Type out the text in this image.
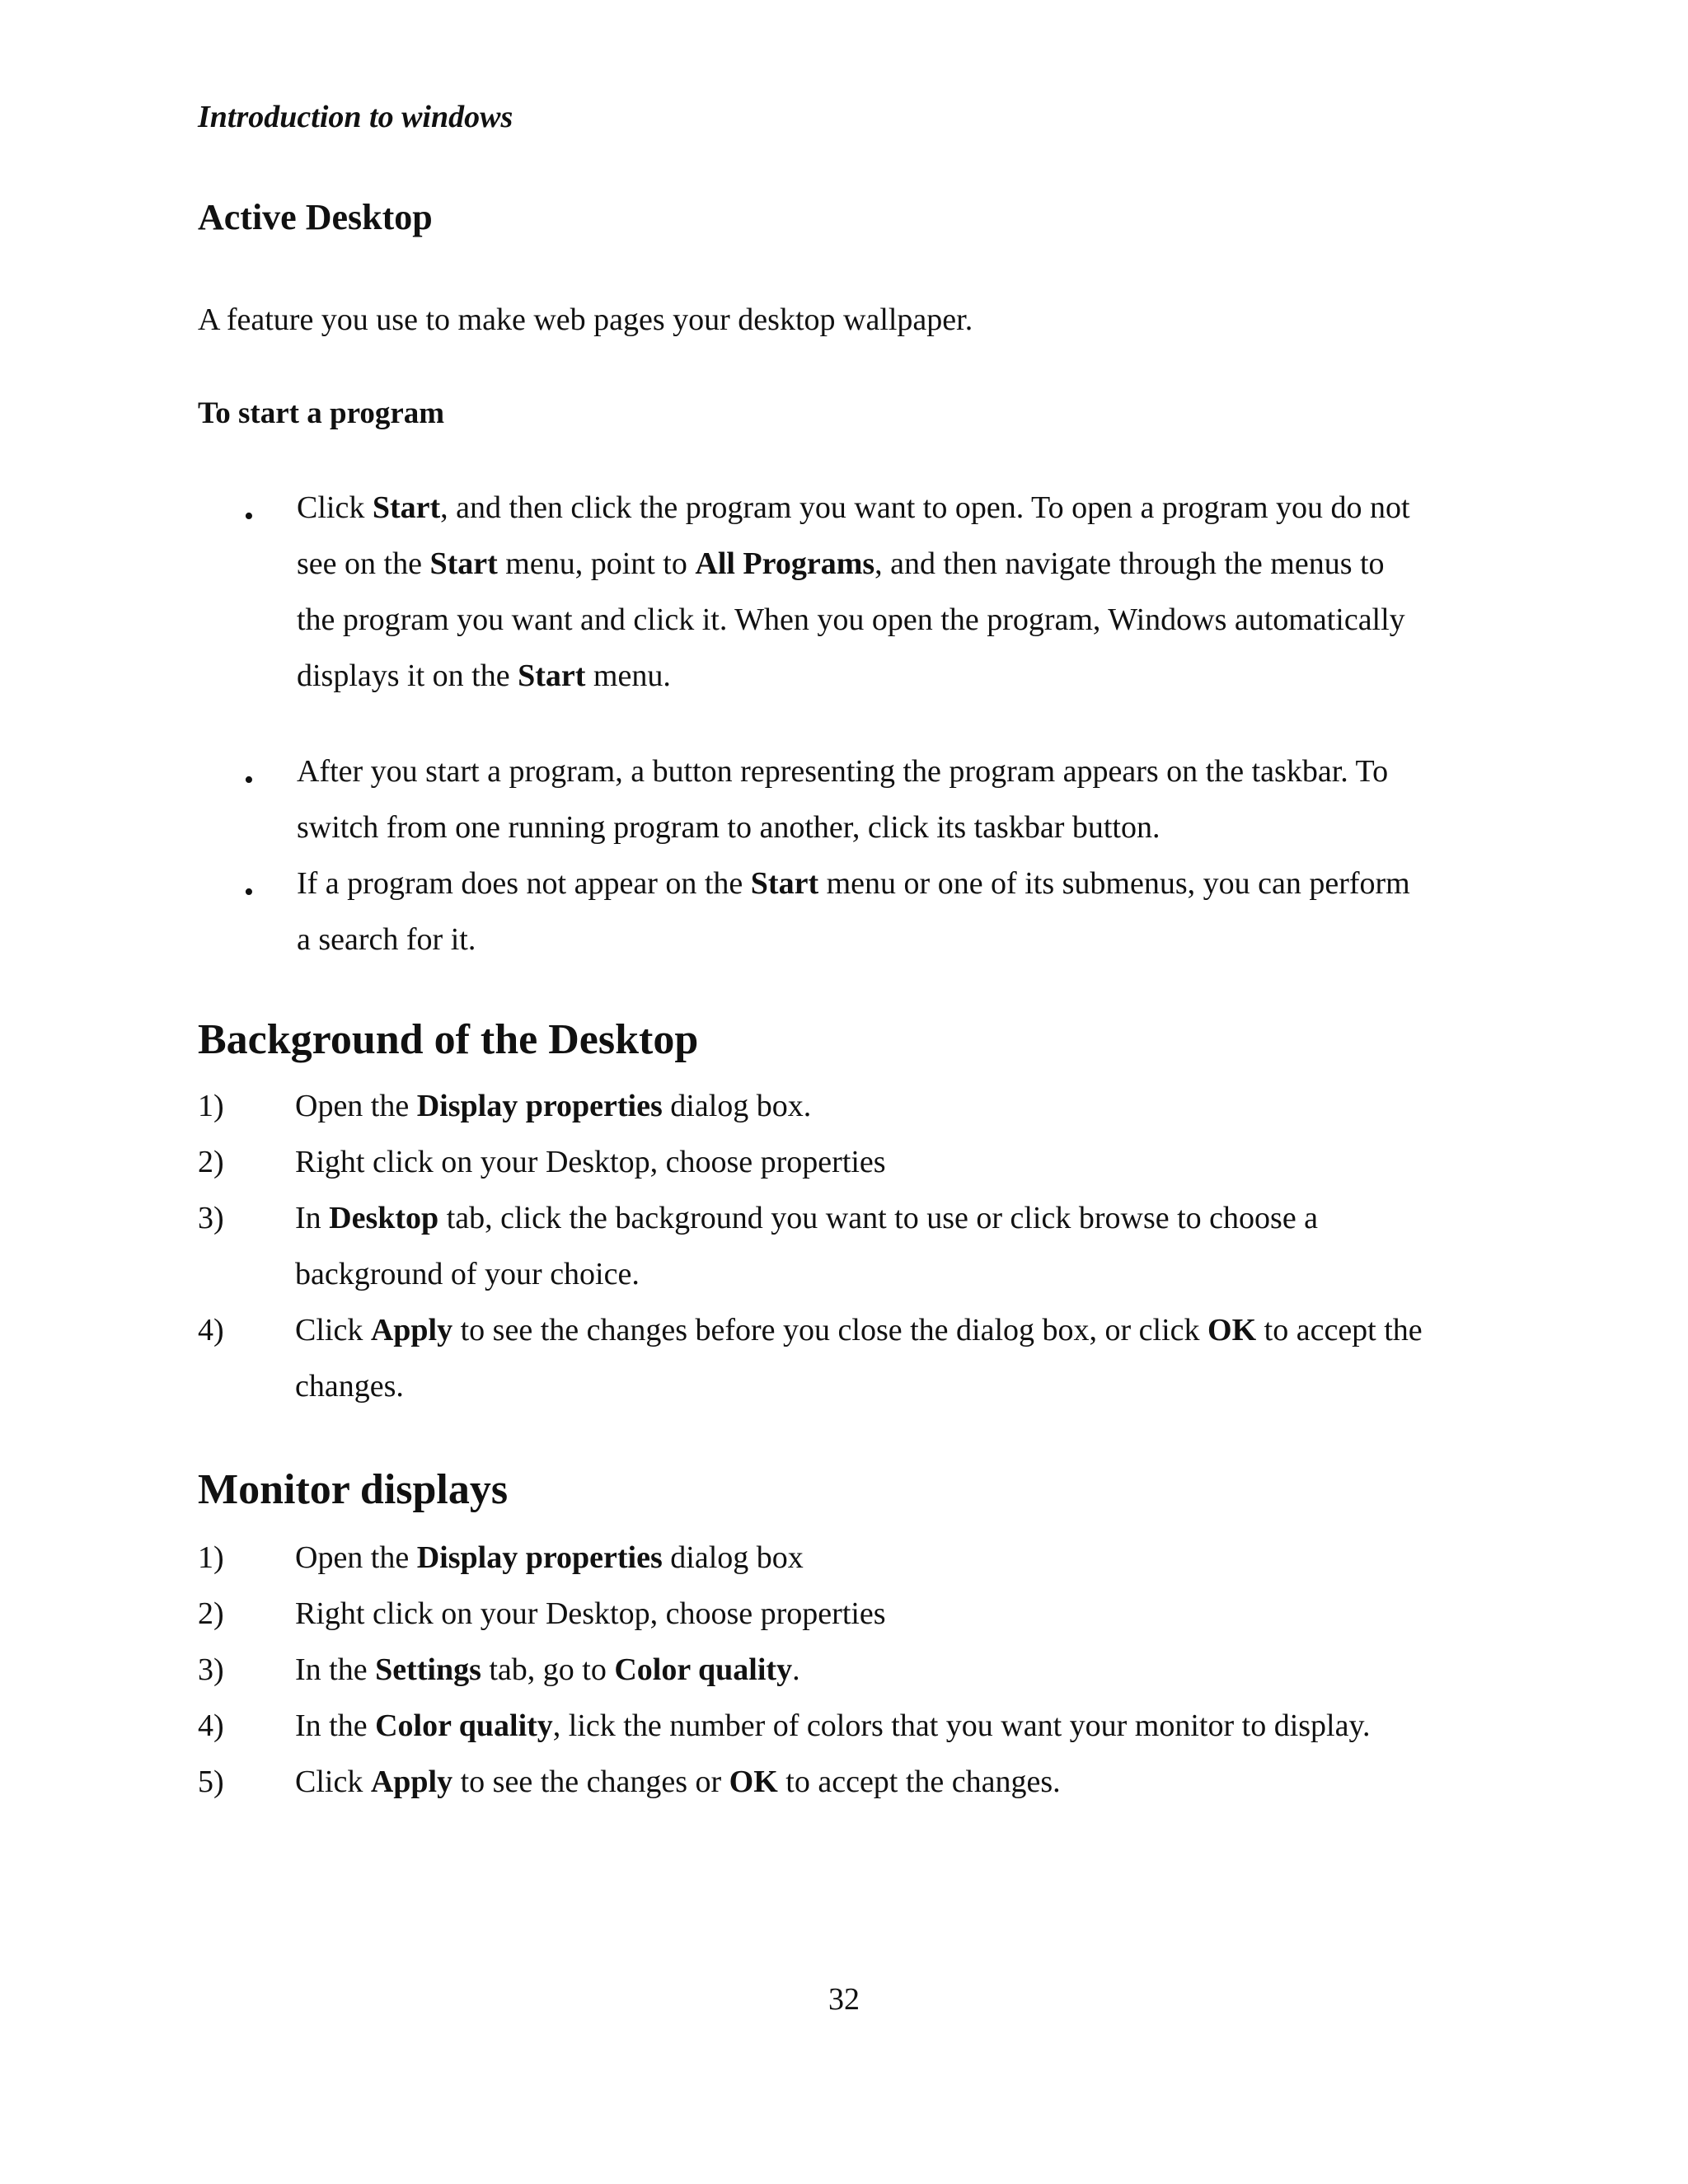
Introduction to windows
Active Desktop
A feature you use to make web pages your desktop wallpaper.
To start a program
• Click Start, and then click the program you want to open. To open a program you do not
see on the Start menu, point to All Programs, and then navigate through the menus to
the program you want and click it. When you open the program, Windows automatically
displays it on the Start menu.
• After you start a program, a button representing the program appears on the taskbar. To
switch from one running program to another, click its taskbar button.
• If a program does not appear on the Start menu or one of its submenus, you can perform
a search for it.
Background of the Desktop
1) Open the Display properties dialog box.
2) Right click on your Desktop, choose properties
3) In Desktop tab, click the background you want to use or click browse to choose a
background of your choice.
4) Click Apply to see the changes before you close the dialog box, or click OK to accept the
changes.
Monitor displays
1) Open the Display properties dialog box
2) Right click on your Desktop, choose properties
3) In the Settings tab, go to Color quality.
4) In the Color quality, lick the number of colors that you want your monitor to display.
5) Click Apply to see the changes or OK to accept the changes.
32
